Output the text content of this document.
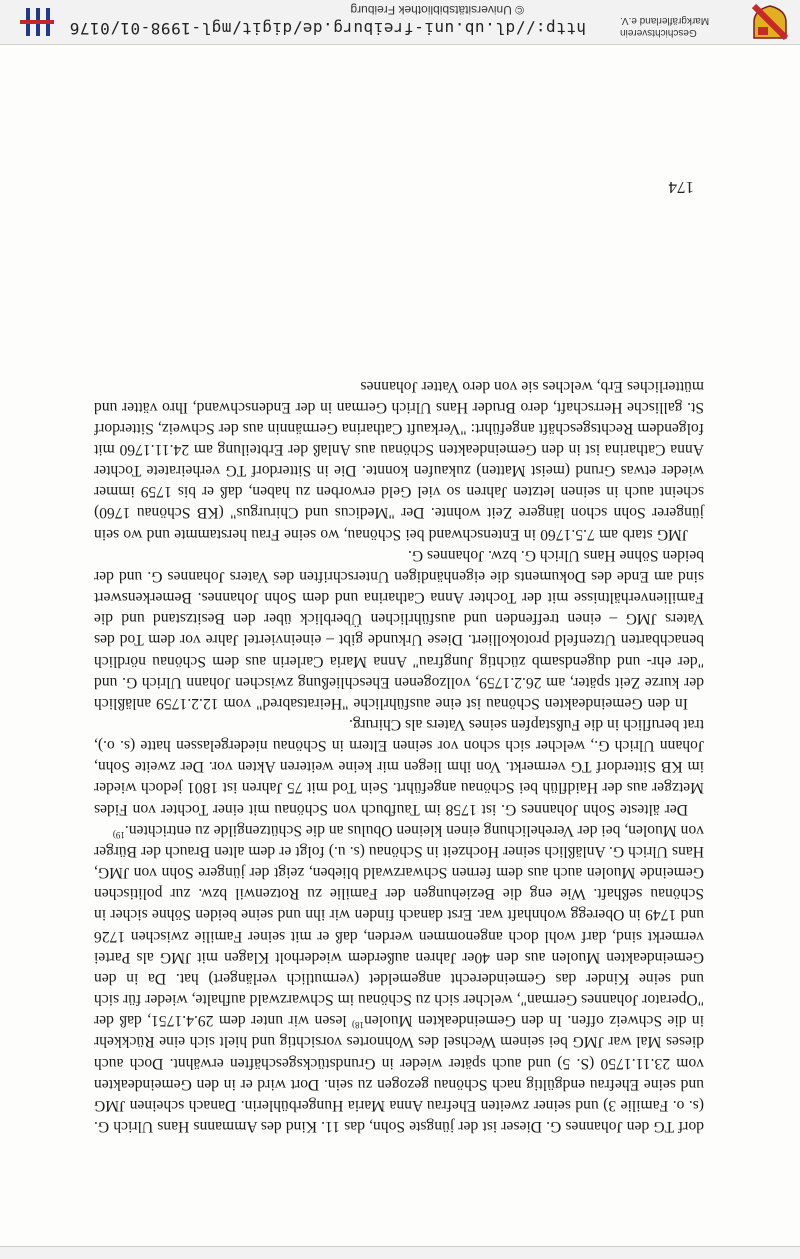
dorf TG den Johannes G. Dieser ist der jüngste Sohn, das 11. Kind des Ammanns Hans Ulrich G. (s. o. Familie 3) und seiner zweiten Ehefrau Anna Maria Hungerbühlerin. Danach scheinen JMG und seine Ehefrau endgültig nach Schönau gezogen zu sein. Dort wird er in den Gemeindeakten vom 23.11.1750 (S. 5) und auch später wieder in Grundstücksgeschäften erwähnt. Doch auch dieses Mal war JMG bei seinem Wechsel des Wohnortes vorsichtig und hielt sich eine Rückkehr in die Schweiz offen. In den Gemeindeakten Muolen$^{18)}$ lesen wir unter dem 29.4.1751, daß der "Operator Johannes German", welcher sich zu Schönau im Schwarzwald aufhalte, wieder für sich und seine Kinder das Gemeinderecht angemeldet (vermutlich verlängert) hat. Da in den Gemeindeakten Muolen aus den 40er Jahren außerdem wiederholt Klagen mit JMG als Partei vermerkt sind, darf wohl doch angenommen werden, daß er mit seiner Familie zwischen 1726 und 1749 in Oberegg wohnhaft war. Erst danach finden wir ihn und seine beiden Söhne sicher in Schönau seßhaft. Wie eng die Beziehungen der Familie zu Rotzenwil bzw. zur politischen Gemeinde Muolen auch aus dem fernen Schwarzwald blieben, zeigt der jüngere Sohn von JMG, Hans Ulrich G. Anläßlich seiner Hochzeit in Schönau (s. u.) folgt er dem alten Brauch der Bürger von Muolen, bei der Verehelichung einen kleinen Obulus an die Schützengilde zu entrichten.$^{19)}$

Der älteste Sohn Johannes G. ist 1758 im Taufbuch von Schönau mit einer Tochter von Fides Metzger aus der Haidflüh bei Schönau angeführt. Sein Tod mit 75 Jahren ist 1801 jedoch wieder im KB Sitterdorf TG vermerkt. Von ihm liegen mir keine weiteren Akten vor. Der zweite Sohn, Johann Ulrich G., welcher sich schon vor seinen Eltern in Schönau niedergelassen hatte (s. o.), trat beruflich in die Fußstapfen seines Vaters als Chirurg.

In den Gemeindeakten Schönau ist eine ausführliche "Heiratsabred" vom 12.2.1759 anläßlich der kurze Zeit später, am 26.2.1759, vollzogenen Eheschließung zwischen Johann Ulrich G. und "der ehr- und dugendsamb züchtig Jungfrau" Anna Maria Carlerin aus dem Schönau nördlich benachbarten Utzenfeld protokolliert. Diese Urkunde gibt – eineinviertel Jahre vor dem Tod des Vaters JMG – einen treffenden und ausführlichen Überblick über den Besitzstand und die Familienverhältnisse mit der Tochter Anna Catharina und dem Sohn Johannes. Bemerkenswert sind am Ende des Dokuments die eigenhändigen Unterschriften des Vaters Johannes G. und der beiden Söhne Hans Ulrich G. bzw. Johannes G.

JMG starb am 7.5.1760 in Entenschwand bei Schönau, wo seine Frau herstammte und wo sein jüngerer Sohn schon längere Zeit wohnte. Der "Medicus und Chirurgus" (KB Schönau 1760) scheint auch in seinen letzten Jahren so viel Geld erworben zu haben, daß er bis 1759 immer wieder etwas Grund (meist Matten) zukaufen konnte. Die in Sitterdorf TG verheiratete Tochter Anna Catharina ist in den Gemeindeakten Schönau aus Anlaß der Erbteilung am 24.11.1760 mit folgendem Rechtsgeschäft angeführt: "Verkauft Catharina Germännin aus der Schweiz, Sitterdorf St. gallische Herrschaft, dero Bruder Hans Ulrich German in der Endenschwand, Ihro vätter und mütterliches Erb, welches sie von dero Vatter Johannes

174
Geschichtsverein
Markgräflerland e.V.
http://dl.ub.uni-freiburg.de/digit/mgl-1998-01/0176
© Universitätsbibliothek Freiburg
